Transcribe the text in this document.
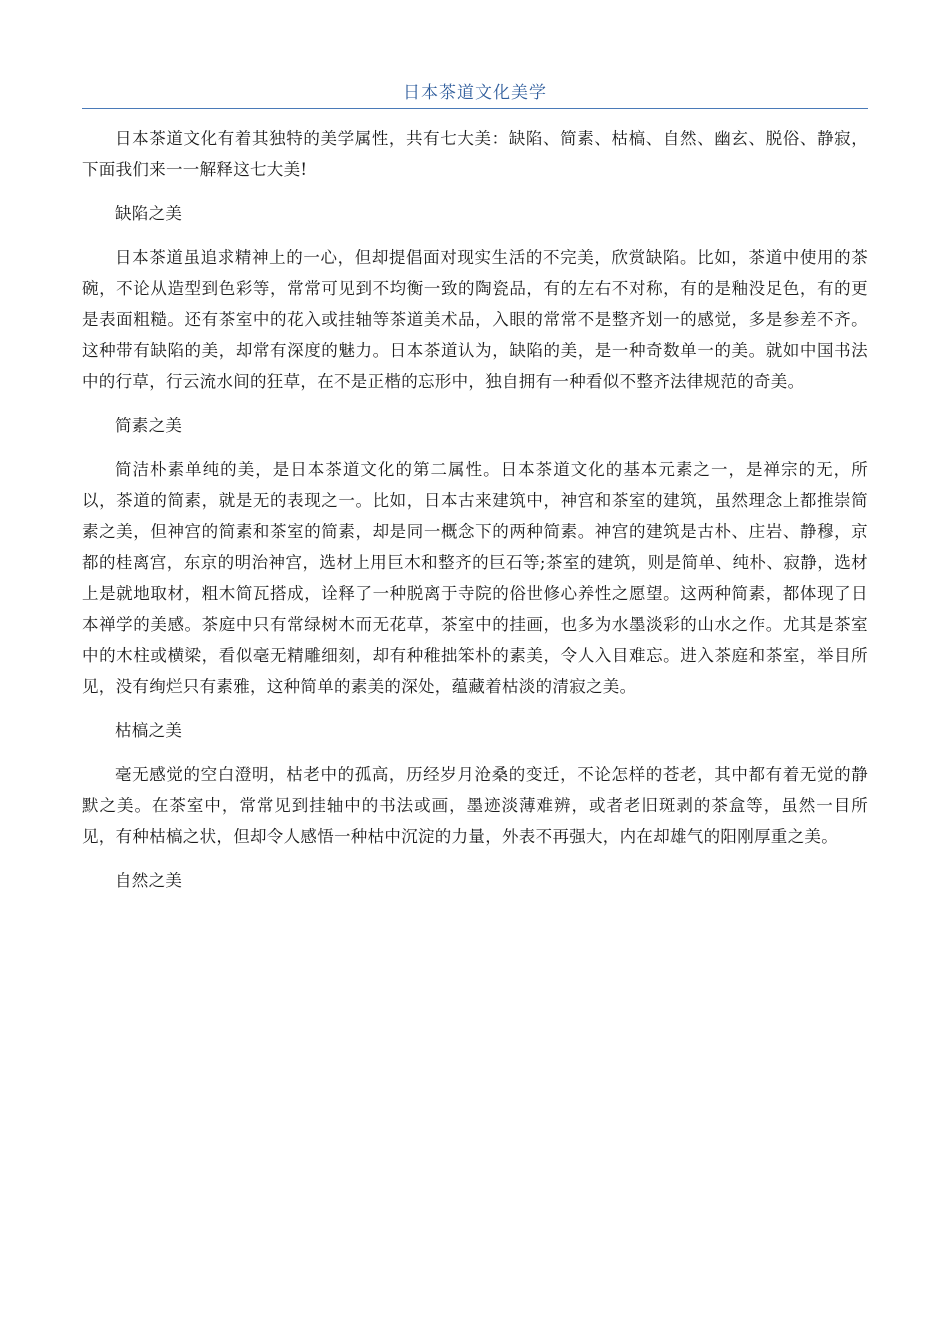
日本茶道文化美学

日本茶道文化有着其独特的美学属性，共有七大美：缺陷、简素、枯槁、自然、幽玄、脱俗、静寂，下面我们来一一解释这七大美!

缺陷之美

日本茶道虽追求精神上的一心，但却提倡面对现实生活的不完美，欣赏缺陷。比如，茶道中使用的茶碗，不论从造型到色彩等，常常可见到不均衡一致的陶瓷品，有的左右不对称，有的是釉没足色，有的更是表面粗糙。还有茶室中的花入或挂轴等茶道美术品，入眼的常常不是整齐划一的感觉，多是参差不齐。这种带有缺陷的美，却常有深度的魅力。日本茶道认为，缺陷的美，是一种奇数单一的美。就如中国书法中的行草，行云流水间的狂草，在不是正楷的忘形中，独自拥有一种看似不整齐法律规范的奇美。

简素之美

简洁朴素单纯的美，是日本茶道文化的第二属性。日本茶道文化的基本元素之一，是禅宗的无，所以，茶道的简素，就是无的表现之一。比如，日本古来建筑中，神宫和茶室的建筑，虽然理念上都推崇简素之美，但神宫的简素和茶室的简素，却是同一概念下的两种简素。神宫的建筑是古朴、庄岩、静穆，京都的桂离宫，东京的明治神宫，选材上用巨木和整齐的巨石等;茶室的建筑，则是简单、纯朴、寂静，选材上是就地取材，粗木简瓦搭成，诠释了一种脱离于寺院的俗世修心养性之愿望。这两种简素，都体现了日本禅学的美感。茶庭中只有常绿树木而无花草，茶室中的挂画，也多为水墨淡彩的山水之作。尤其是茶室中的木柱或横梁，看似毫无精雕细刻，却有种稚拙笨朴的素美，令人入目难忘。进入茶庭和茶室，举目所见，没有绚烂只有素雅，这种简单的素美的深处，蕴藏着枯淡的清寂之美。

枯槁之美

毫无感觉的空白澄明，枯老中的孤高，历经岁月沧桑的变迁，不论怎样的苍老，其中都有着无觉的静默之美。在茶室中，常常见到挂轴中的书法或画，墨迹淡薄难辨，或者老旧斑剥的茶盒等，虽然一目所见，有种枯槁之状，但却令人感悟一种枯中沉淀的力量，外表不再强大，内在却雄气的阳刚厚重之美。

自然之美
